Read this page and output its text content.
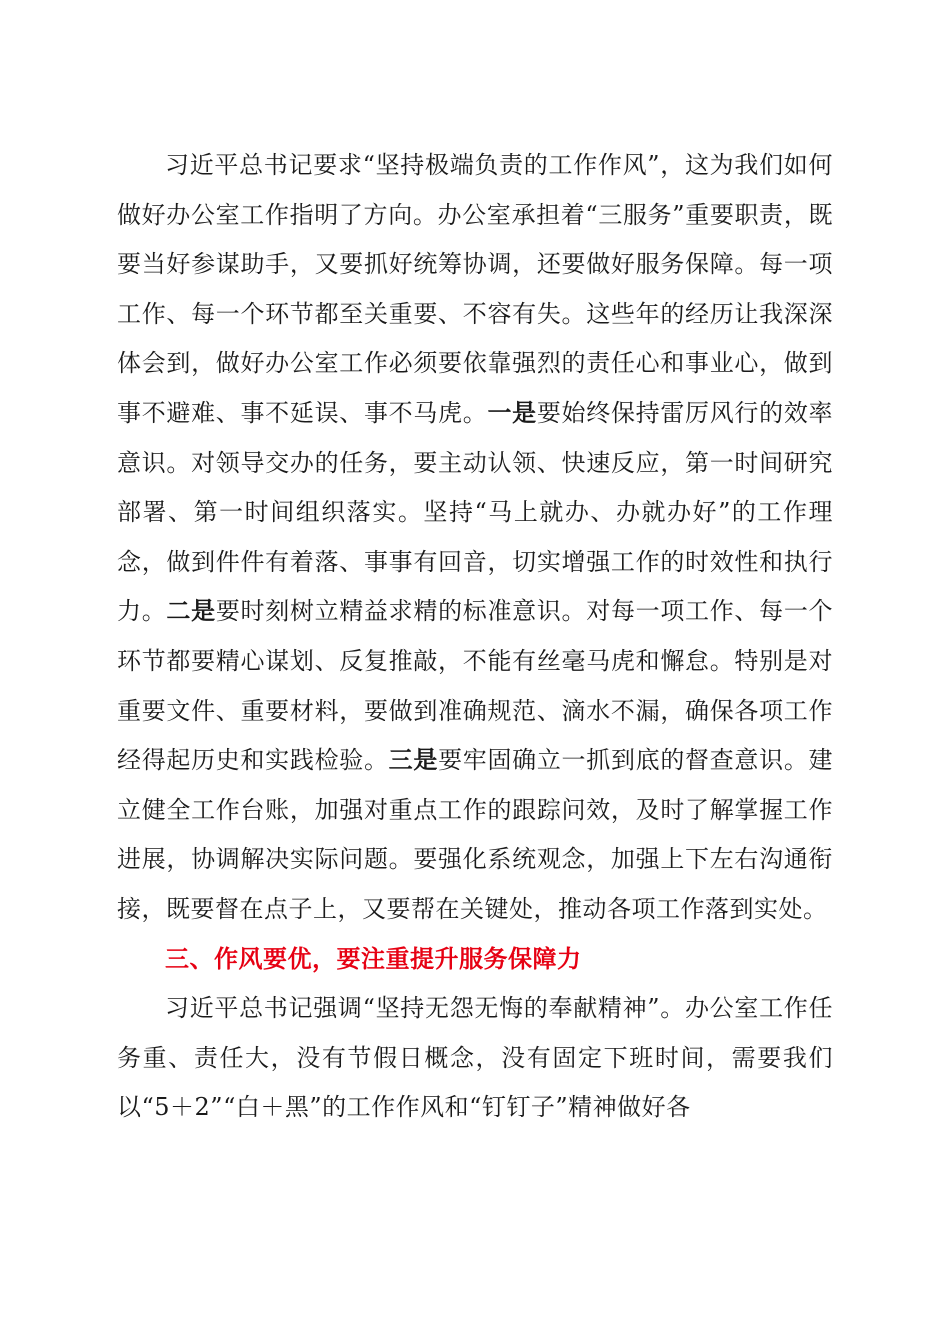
习近平总书记要求“坚持极端负责的工作作风”，这为我们如何做好办公室工作指明了方向。办公室承担着“三服务”重要职责，既要当好参谋助手，又要抓好统筹协调，还要做好服务保障。每一项工作、每一个环节都至关重要、不容有失。这些年的经历让我深深体会到，做好办公室工作必须要依靠强烈的责任心和事业心，做到事不避难、事不延误、事不马虎。一是要始终保持雷厉风行的效率意识。对领导交办的任务，要主动认领、快速反应，第一时间研究部署、第一时间组织落实。坚持“马上就办、办就办好”的工作理念，做到件件有着落、事事有回音，切实增强工作的时效性和执行力。二是要时刻树立精益求精的标准意识。对每一项工作、每一个环节都要精心谋划、反复推敲，不能有丝毫马虎和懈怠。特别是对重要文件、重要材料，要做到准确规范、滴水不漏，确保各项工作经得起历史和实践检验。三是要牢固确立一抓到底的督查意识。建立健全工作台账，加强对重点工作的跟踪问效，及时了解掌握工作进展，协调解决实际问题。要强化系统观念，加强上下左右沟通衔接，既要督在点子上，又要帮在关键处，推动各项工作落到实处。

三、作风要优，要注重提升服务保障力

习近平总书记强调“坚持无怨无悔的奉献精神”。办公室工作任务重、责任大，没有节假日概念，没有固定下班时间，需要我们以“5＋2”“白＋黑”的工作作风和“钉钉子”精神做好各
